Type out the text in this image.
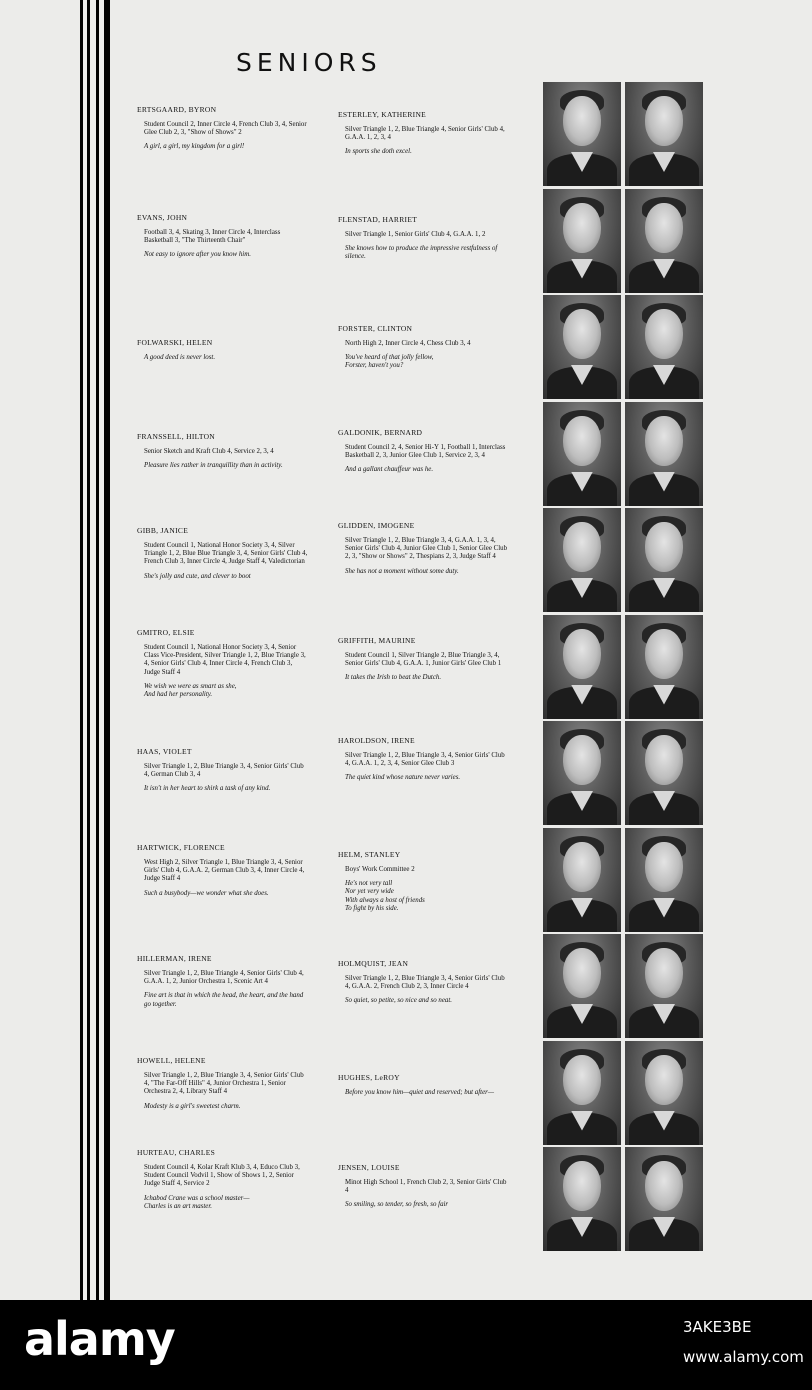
SENIORS

ERTSGAARD, BYRON

Student Council 2, Inner Circle 4, French Club 3, 4, Senior Glee Club 2, 3, "Show of Shows" 2

A girl, a girl, my kingdom for a girl!

EVANS, JOHN

Football 3, 4, Skating 3, Inner Circle 4, Interclass Basketball 3, "The Thirteenth Chair"

Not easy to ignore after you know him.

FOLWARSKI, HELEN

A good deed is never lost.

FRANSSELL, HILTON

Senior Sketch and Kraft Club 4, Service 2, 3, 4

Pleasure lies rather in tranquillity than in activity.

GIBB, JANICE

Student Council 1, National Honor Society 3, 4, Silver Triangle 1, 2, Blue Blue Triangle 3, 4, Senior Girls' Club 4, French Club 3, Inner Circle 4, Judge Staff 4, Valedictorian

She's jolly and cute, and clever to boot

GMITRO, ELSIE

Student Council 1, National Honor Society 3, 4, Senior Class Vice-President, Silver Triangle 1, 2, Blue Triangle 3, 4, Senior Girls' Club 4, Inner Circle 4, French Club 3, Judge Staff 4

We wish we were as smart as she,
And had her personality.

HAAS, VIOLET

Silver Triangle 1, 2, Blue Triangle 3, 4, Senior Girls' Club 4, German Club 3, 4

It isn't in her heart to shirk a task of any kind.

HARTWICK, FLORENCE

West High 2, Silver Triangle 1, Blue Triangle 3, 4, Senior Girls' Club 4, G.A.A. 2, German Club 3, 4, Inner Circle 4, Judge Staff 4

Such a busybody—we wonder what she does.

HILLERMAN, IRENE

Silver Triangle 1, 2, Blue Triangle 4, Senior Girls' Club 4, G.A.A. 1, 2, Junior Orchestra 1, Scenic Art 4

Fine art is that in which the head, the heart, and the hand go together.

HOWELL, HELENE

Silver Triangle 1, 2, Blue Triangle 3, 4, Senior Girls' Club 4, "The Far-Off Hills" 4, Junior Orchestra 1, Senior Orchestra 2, 4, Library Staff 4

Modesty is a girl's sweetest charm.

HURTEAU, CHARLES

Student Council 4, Kolar Kraft Klub 3, 4, Educo Club 3, Student Council Vodvil 1, Show of Shows 1, 2, Senior Judge Staff 4, Service 2

Ichabod Crane was a school master—
Charles is an art master.

ESTERLEY, KATHERINE

Silver Triangle 1, 2, Blue Triangle 4, Senior Girls' Club 4, G.A.A. 1, 2, 3, 4

In sports she doth excel.

FLENSTAD, HARRIET

Silver Triangle 1, Senior Girls' Club 4, G.A.A. 1, 2

She knows how to produce the impressive restfulness of silence.

FORSTER, CLINTON

North High 2, Inner Circle 4, Chess Club 3, 4

You've heard of that jolly fellow,
Forster, haven't you?

GALDONIK, BERNARD

Student Council 2, 4, Senior Hi-Y 1, Football 1, Interclass Basketball 2, 3, Junior Glee Club 1, Service 2, 3, 4

And a gallant chauffeur was he.

GLIDDEN, IMOGENE

Silver Triangle 1, 2, Blue Triangle 3, 4, G.A.A. 1, 3, 4, Senior Girls' Club 4, Junior Glee Club 1, Senior Glee Club 2, 3, "Show or Shows" 2, Thespians 2, 3, Judge Staff 4

She has not a moment without some duty.

GRIFFITH, MAURINE

Student Council 1, Silver Triangle 2, Blue Triangle 3, 4, Senior Girls' Club 4, G.A.A. 1, Junior Girls' Glee Club 1

It takes the Irish to beat the Dutch.

HAROLDSON, IRENE

Silver Triangle 1, 2, Blue Triangle 3, 4, Senior Girls' Club 4, G.A.A. 1, 2, 3, 4, Senior Glee Club 3

The quiet kind whose nature never varies.

HELM, STANLEY

Boys' Work Committee 2

He's not very tall
Nor yet very wide
With always a host of friends
To fight by his side.

HOLMQUIST, JEAN

Silver Triangle 1, 2, Blue Triangle 3, 4, Senior Girls' Club 4, G.A.A. 2, French Club 2, 3, Inner Circle 4

So quiet, so petite, so nice and so neat.

HUGHES, LeROY

Before you know him—quiet and reserved; but after—

JENSEN, LOUISE

Minot High School 1, French Club 2, 3, Senior Girls' Club 4

So smiling, so tender, so fresh, so fair

alamy	3AKE3BE
www.alamy.com
